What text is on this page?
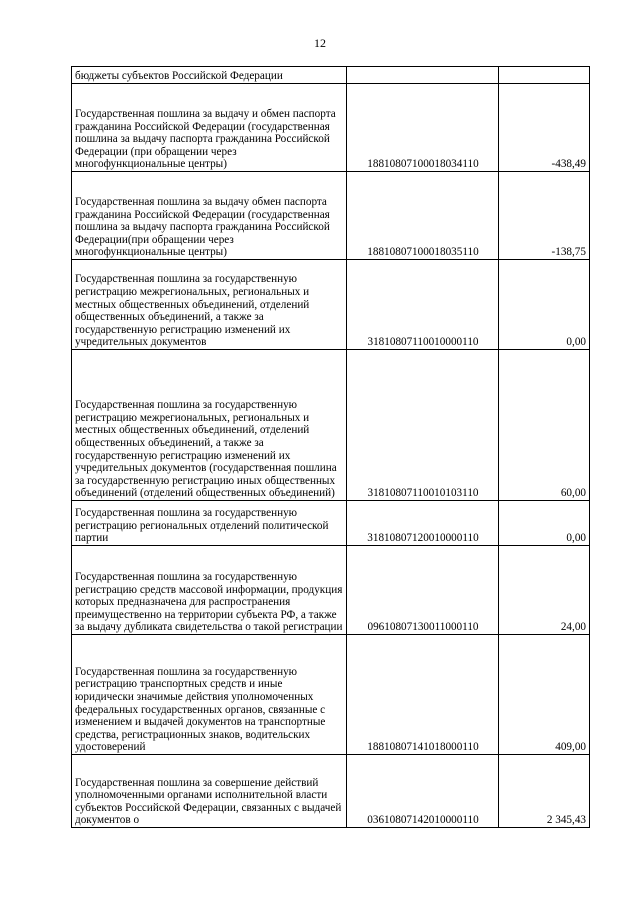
12
бюджеты субъектов Российской Федерации		
Государственная пошлина за выдачу и обмен паспорта гражданина Российской Федерации (государственная пошлина за выдачу паспорта гражданина Российской Федерации (при обращении через многофункциональные центры)	18810807100018034110	-438,49
Государственная пошлина за выдачу обмен паспорта гражданина Российской Федерации (государственная пошлина за выдачу паспорта гражданина Российской Федерации(при обращении через многофункциональные центры)	18810807100018035110	-138,75
Государственная пошлина за государственную регистрацию межрегиональных, региональных и местных общественных объединений, отделений общественных объединений, а также за государственную регистрацию изменений их учредительных документов	31810807110010000110	0,00
Государственная пошлина за государственную регистрацию межрегиональных, региональных и местных общественных объединений, отделений общественных объединений, а также за государственную регистрацию изменений их учредительных документов (государственная пошлина за государственную регистрацию иных общественных объединений (отделений общественных объединений)	31810807110010103110	60,00
Государственная пошлина за государственную регистрацию региональных отделений политической партии	31810807120010000110	0,00
Государственная пошлина за государственную регистрацию средств массовой информации, продукция которых предназначена для распространения преимущественно на территории субъекта РФ, а также за выдачу дубликата свидетельства о такой регистрации	09610807130011000110	24,00
Государственная пошлина за государственную регистрацию транспортных средств и иные юридически значимые действия уполномоченных федеральных государственных органов, связанные с изменением и выдачей документов на транспортные средства, регистрационных знаков, водительских удостоверений	18810807141018000110	409,00
Государственная пошлина за совершение действий уполномоченными органами исполнительной власти субъектов Российской Федерации, связанных с выдачей документов о	03610807142010000110	2 345,43
